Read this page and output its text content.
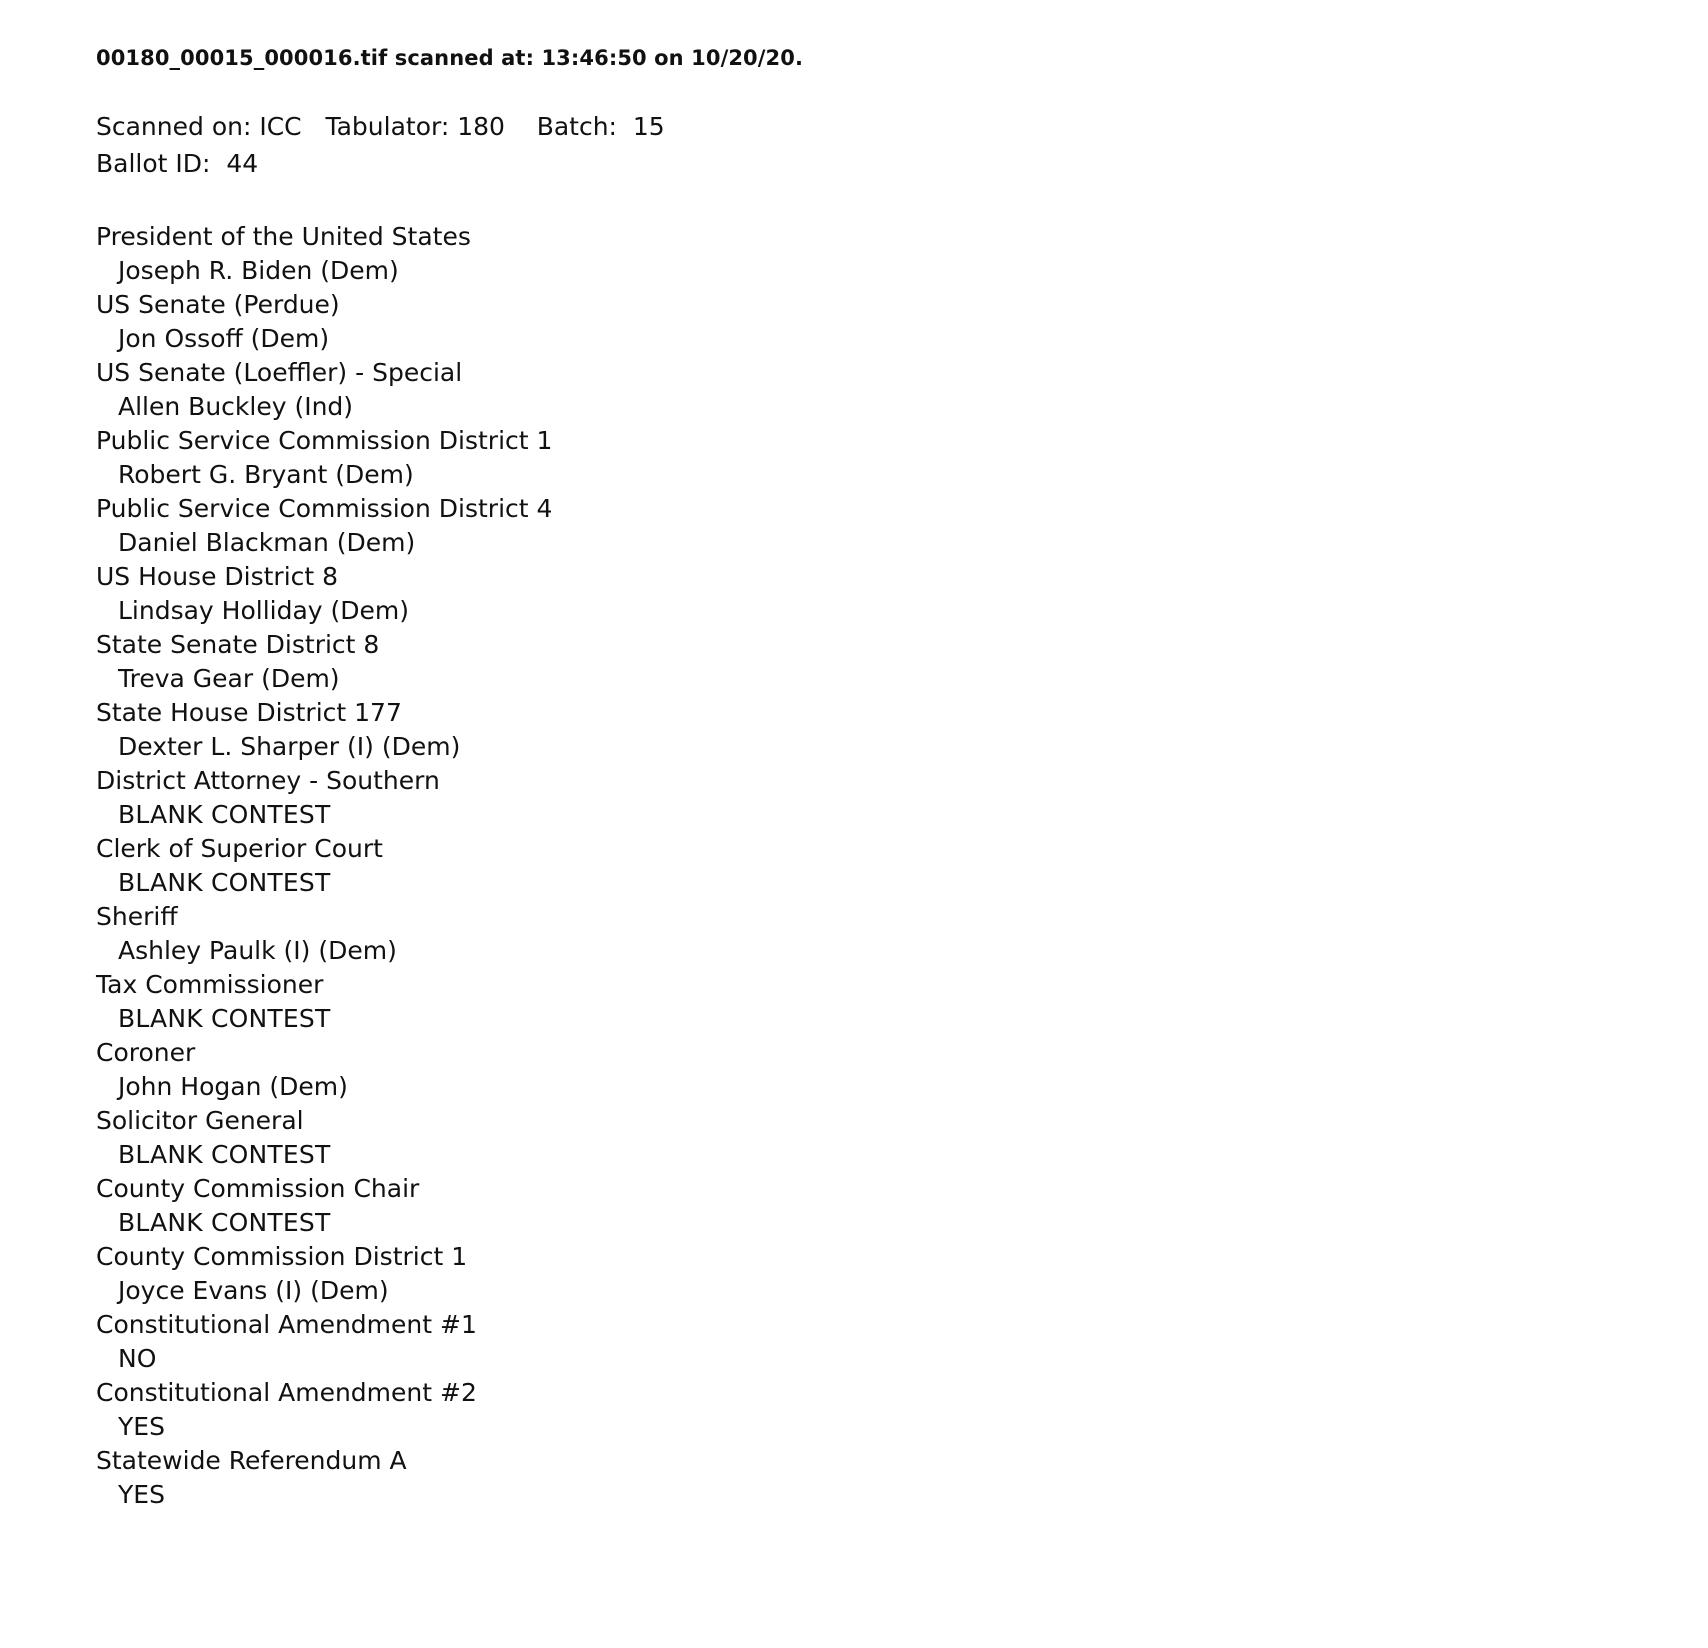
00180_00015_000016.tif scanned at: 13:46:50 on 10/20/20.
Scanned on: ICC   Tabulator: 180    Batch:  15
Ballot ID:  44
President of the United States
Joseph R. Biden (Dem)
US Senate (Perdue)
Jon Ossoff (Dem)
US Senate (Loeffler) - Special
Allen Buckley (Ind)
Public Service Commission District 1
Robert G. Bryant (Dem)
Public Service Commission District 4
Daniel Blackman (Dem)
US House District 8
Lindsay Holliday (Dem)
State Senate District 8
Treva Gear (Dem)
State House District 177
Dexter L. Sharper (I) (Dem)
District Attorney - Southern
BLANK CONTEST
Clerk of Superior Court
BLANK CONTEST
Sheriff
Ashley Paulk (I) (Dem)
Tax Commissioner
BLANK CONTEST
Coroner
John Hogan (Dem)
Solicitor General
BLANK CONTEST
County Commission Chair
BLANK CONTEST
County Commission District 1
Joyce Evans (I) (Dem)
Constitutional Amendment #1
NO
Constitutional Amendment #2
YES
Statewide Referendum A
YES
